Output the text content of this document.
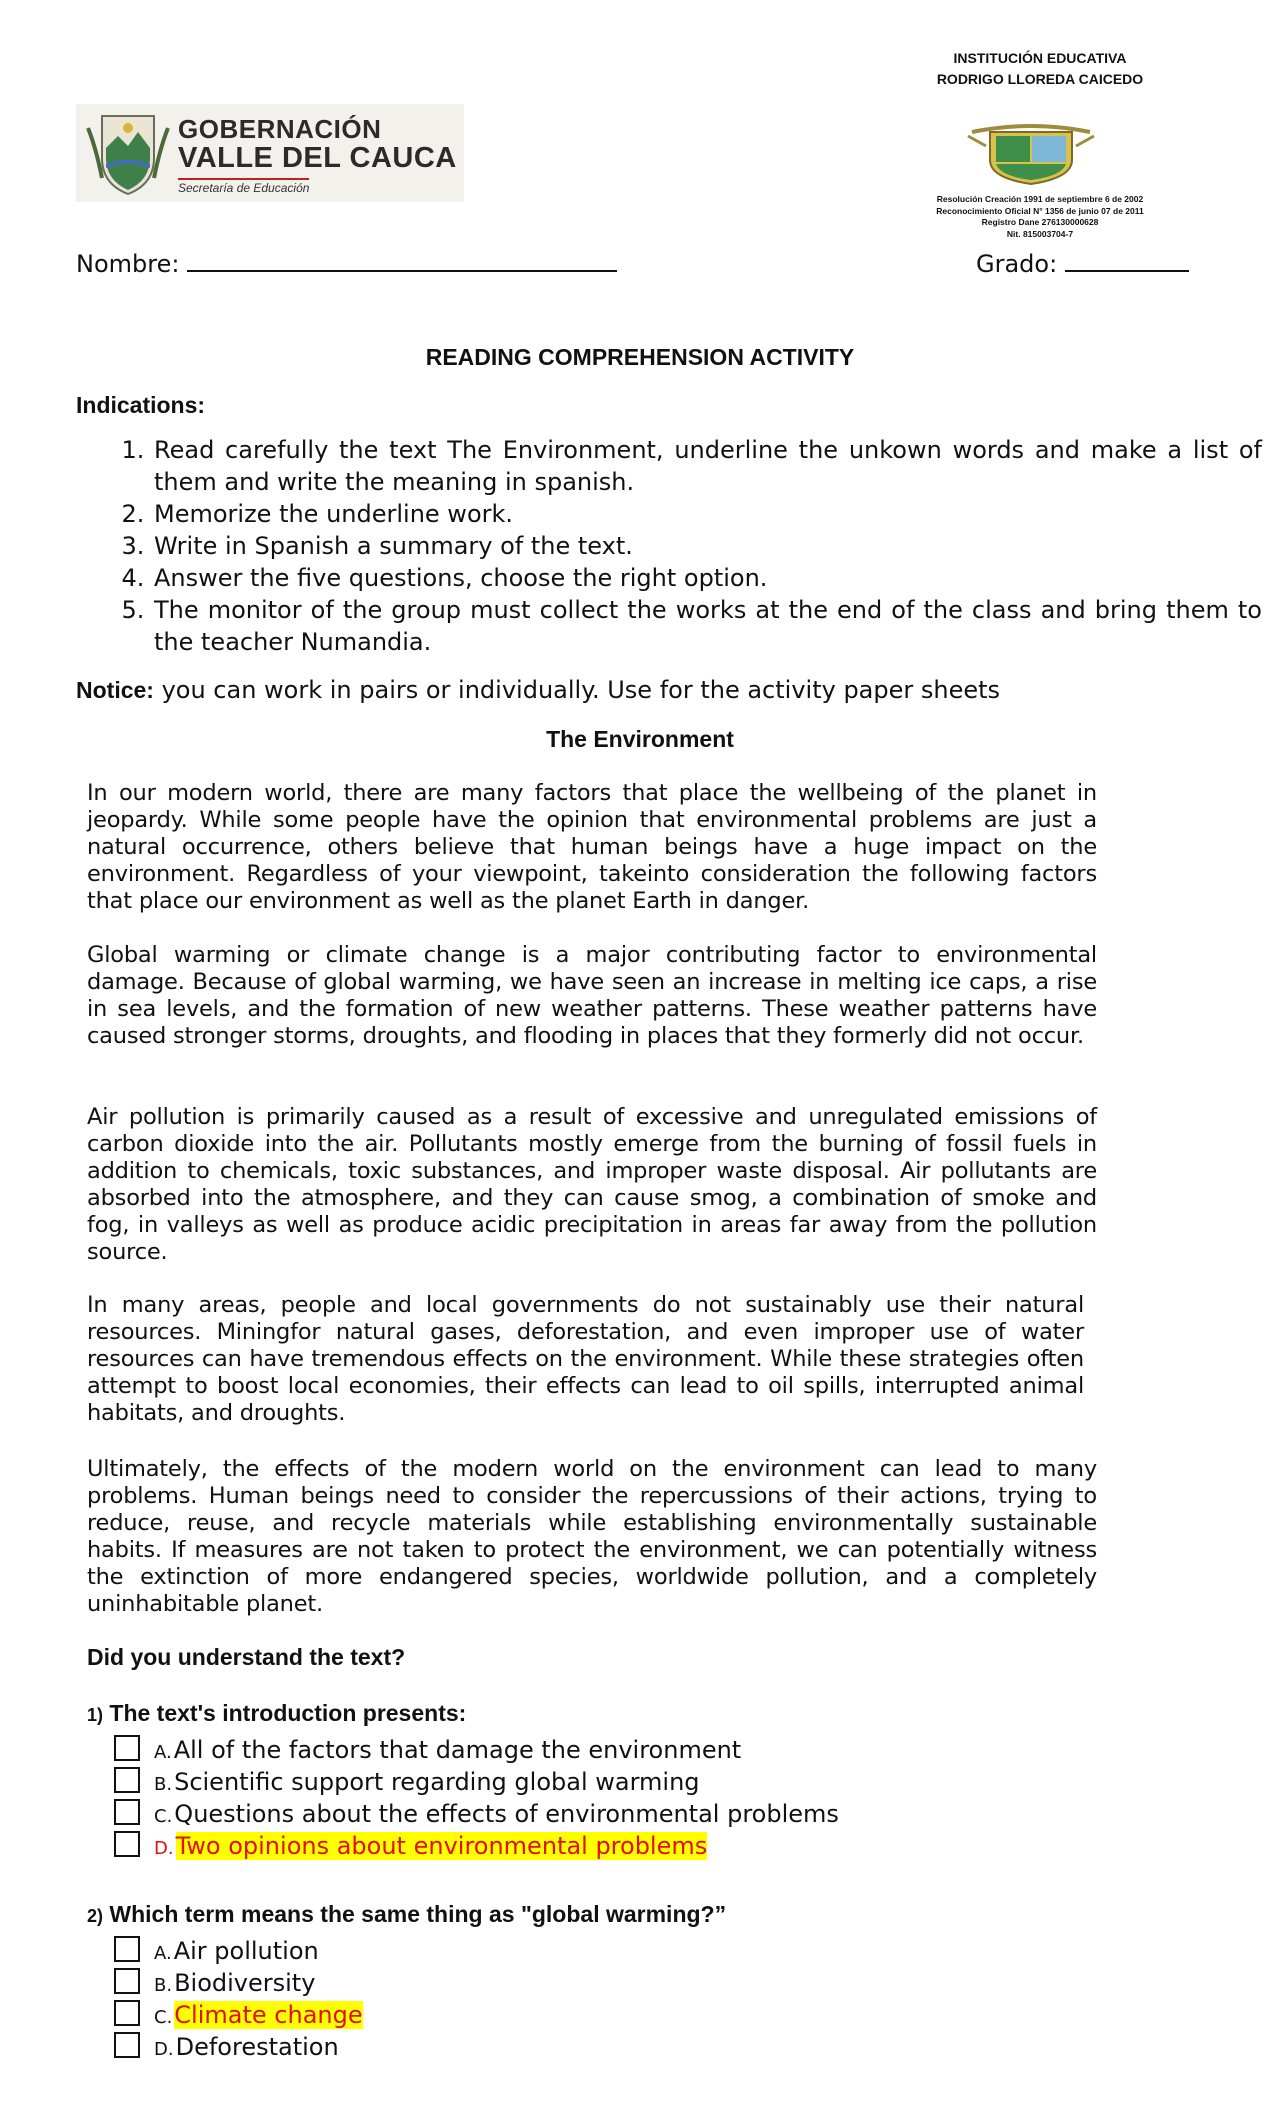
GOBERNACIÓN
VALLE DEL CAUCA
Secretaría de Educación
INSTITUCIÓN EDUCATIVA
RODRIGO LLOREDA CAICEDO
Resolución Creación 1991 de septiembre 6 de 2002
Reconocimiento Oficial N° 1356 de junio 07 de 2011
Registro Dane 276130000628
Nit. 815003704-7
Nombre:	Grado:
READING COMPREHENSION ACTIVITY
Indications:
1. Read carefully the text The Environment, underline the unkown words and make a list of them and write the meaning in spanish.
2. Memorize the underline work.
3. Write in Spanish a summary of the text.
4. Answer the five questions, choose the right option.
5. The monitor of the group must collect the works at the end of the class and bring them to the teacher Numandia.
Notice: you can work in pairs or individually. Use for the activity paper sheets
The Environment

In our modern world, there are many factors that place the wellbeing of the planet in jeopardy. While some people have the opinion that environmental problems are just a natural occurrence, others believe that human beings have a huge impact on the environment. Regardless of your viewpoint, takeinto consideration the following factors that place our environment as well as the planet Earth in danger.

Global warming or climate change is a major contributing factor to environmental damage. Because of global warming, we have seen an increase in melting ice caps, a rise in sea levels, and the formation of new weather patterns. These weather patterns have caused stronger storms, droughts, and flooding in places that they formerly did not occur.

Air pollution is primarily caused as a result of excessive and unregulated emissions of carbon dioxide into the air. Pollutants mostly emerge from the burning of fossil fuels in addition to chemicals, toxic substances, and improper waste disposal. Air pollutants are absorbed into the atmosphere, and they can cause smog, a combination of smoke and fog, in valleys as well as produce acidic precipitation in areas far away from the pollution source.

In many areas, people and local governments do not sustainably use their natural resources. Miningfor natural gases, deforestation, and even improper use of water resources can have tremendous effects on the environment. While these strategies often attempt to boost local economies, their effects can lead to oil spills, interrupted animal habitats, and droughts.

Ultimately, the effects of the modern world on the environment can lead to many problems. Human beings need to consider the repercussions of their actions, trying to reduce, reuse, and recycle materials while establishing environmentally sustainable habits. If measures are not taken to protect the environment, we can potentially witness the extinction of more endangered species, worldwide pollution, and a completely uninhabitable planet.

Did you understand the text?
1) The text's introduction presents:
A.All of the factors that damage the environment
B.Scientific support regarding global warming
C.Questions about the effects of environmental problems
D.Two opinions about environmental problems
2) Which term means the same thing as "global warming?”
A.Air pollution
B.Biodiversity
C.Climate change
D.Deforestation
